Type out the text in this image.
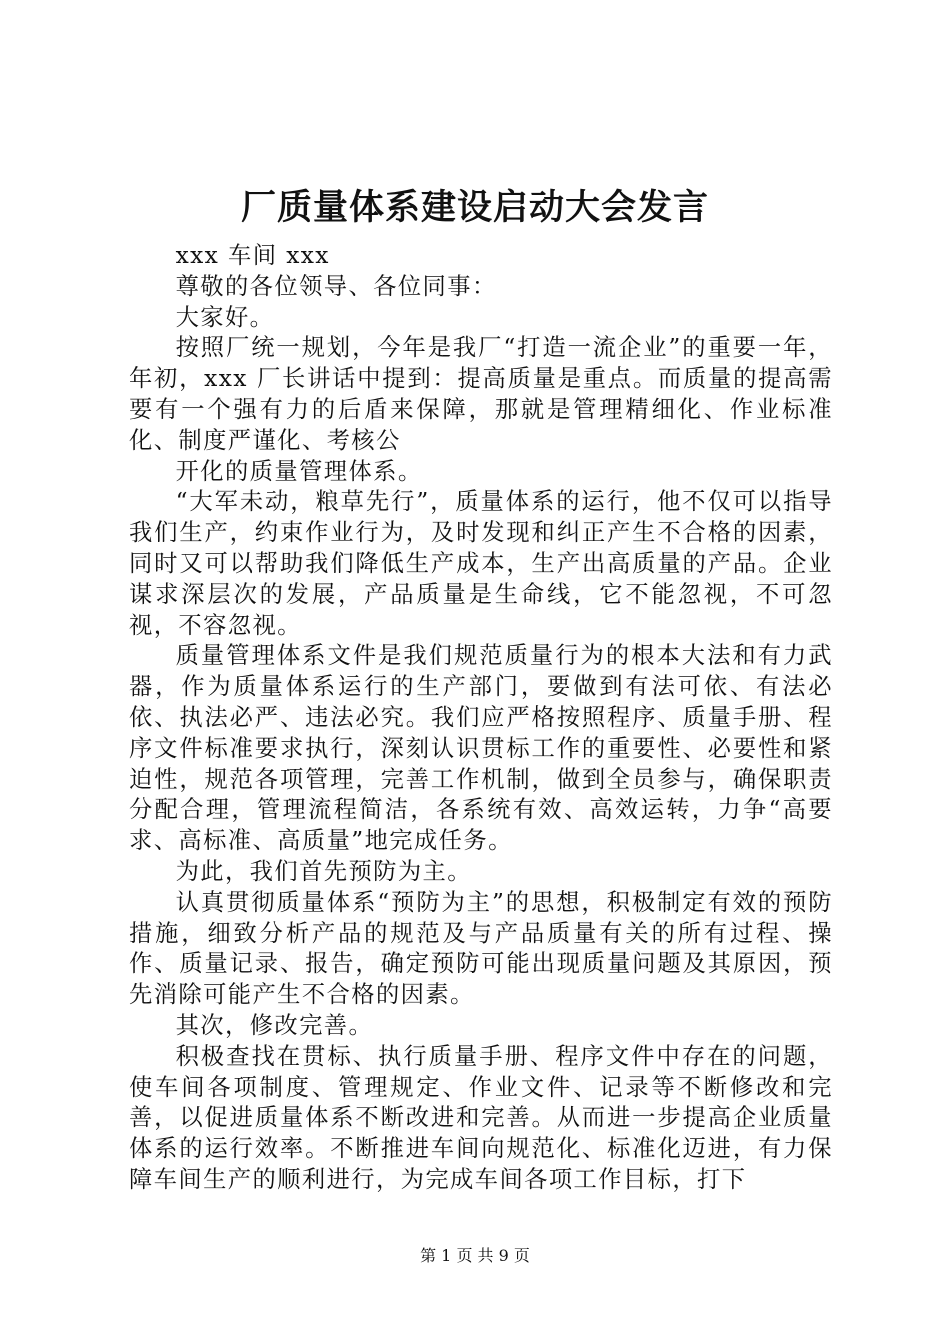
厂质量体系建设启动大会发言

xxx 车间 xxx

尊敬的各位领导、各位同事：

大家好。

按照厂统一规划，今年是我厂“打造一流企业”的重要一年，年初，xxx 厂长讲话中提到：提高质量是重点。而质量的提高需要有一个强有力的后盾来保障，那就是管理精细化、作业标准化、制度严谨化、考核公

开化的质量管理体系。

“大军未动，粮草先行”，质量体系的运行，他不仅可以指导我们生产，约束作业行为，及时发现和纠正产生不合格的因素，同时又可以帮助我们降低生产成本，生产出高质量的产品。企业谋求深层次的发展，产品质量是生命线，它不能忽视，不可忽视，不容忽视。

质量管理体系文件是我们规范质量行为的根本大法和有力武器，作为质量体系运行的生产部门，要做到有法可依、有法必依、执法必严、违法必究。我们应严格按照程序、质量手册、程序文件标准要求执行，深刻认识贯标工作的重要性、必要性和紧迫性，规范各项管理，完善工作机制，做到全员参与，确保职责分配合理，管理流程简洁，各系统有效、高效运转，力争“高要求、高标准、高质量”地完成任务。

为此，我们首先预防为主。

认真贯彻质量体系“预防为主”的思想，积极制定有效的预防措施，细致分析产品的规范及与产品质量有关的所有过程、操作、质量记录、报告，确定预防可能出现质量问题及其原因，预先消除可能产生不合格的因素。

其次，修改完善。

积极查找在贯标、执行质量手册、程序文件中存在的问题，使车间各项制度、管理规定、作业文件、记录等不断修改和完善，以促进质量体系不断改进和完善。从而进一步提高企业质量体系的运行效率。不断推进车间向规范化、标准化迈进，有力保障车间生产的顺利进行，为完成车间各项工作目标，打下

第 1 页 共 9 页
